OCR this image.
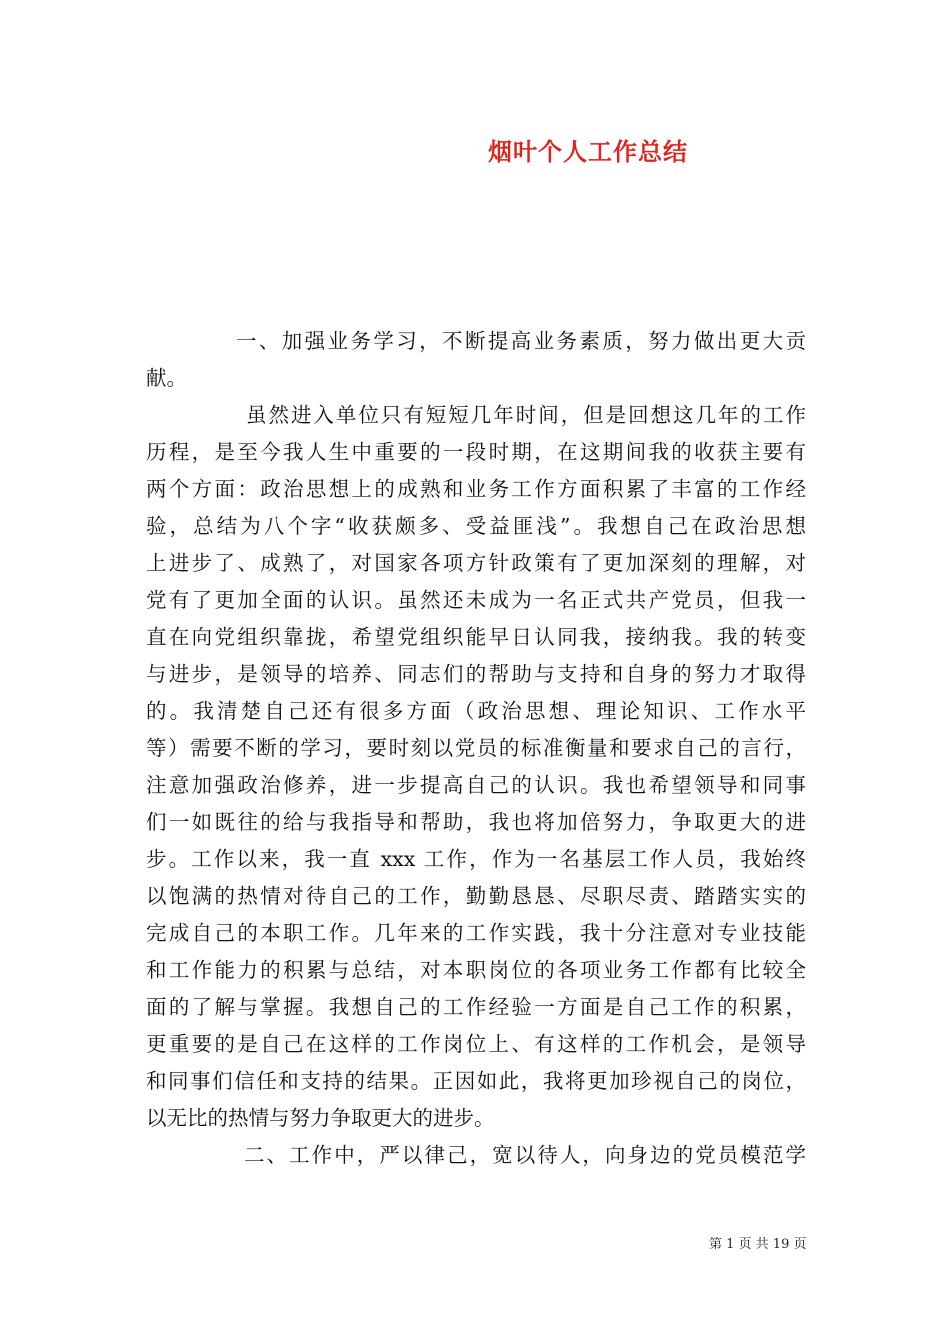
烟叶个人工作总结
一、加强业务学习，不断提高业务素质，努力做出更大贡
献。
虽然进入单位只有短短几年时间，但是回想这几年的工作
历程，是至今我人生中重要的一段时期，在这期间我的收获主要有
两个方面：政治思想上的成熟和业务工作方面积累了丰富的工作经
验，总结为八个字“收获颇多、受益匪浅”。我想自己在政治思想
上进步了、成熟了，对国家各项方针政策有了更加深刻的理解，对
党有了更加全面的认识。虽然还未成为一名正式共产党员，但我一
直在向党组织靠拢，希望党组织能早日认同我，接纳我。我的转变
与进步，是领导的培养、同志们的帮助与支持和自身的努力才取得
的。我清楚自己还有很多方面（政治思想、理论知识、工作水平
等）需要不断的学习，要时刻以党员的标准衡量和要求自己的言行，
注意加强政治修养，进一步提高自己的认识。我也希望领导和同事
们一如既往的给与我指导和帮助，我也将加倍努力，争取更大的进
步。工作以来，我一直 xxx 工作，作为一名基层工作人员，我始终
以饱满的热情对待自己的工作，勤勤恳恳、尽职尽责、踏踏实实的
完成自己的本职工作。几年来的工作实践，我十分注意对专业技能
和工作能力的积累与总结，对本职岗位的各项业务工作都有比较全
面的了解与掌握。我想自己的工作经验一方面是自己工作的积累，
更重要的是自己在这样的工作岗位上、有这样的工作机会，是领导
和同事们信任和支持的结果。正因如此，我将更加珍视自己的岗位，
以无比的热情与努力争取更大的进步。
二、工作中，严以律己，宽以待人，向身边的党员模范学
第 1 页 共 19 页
